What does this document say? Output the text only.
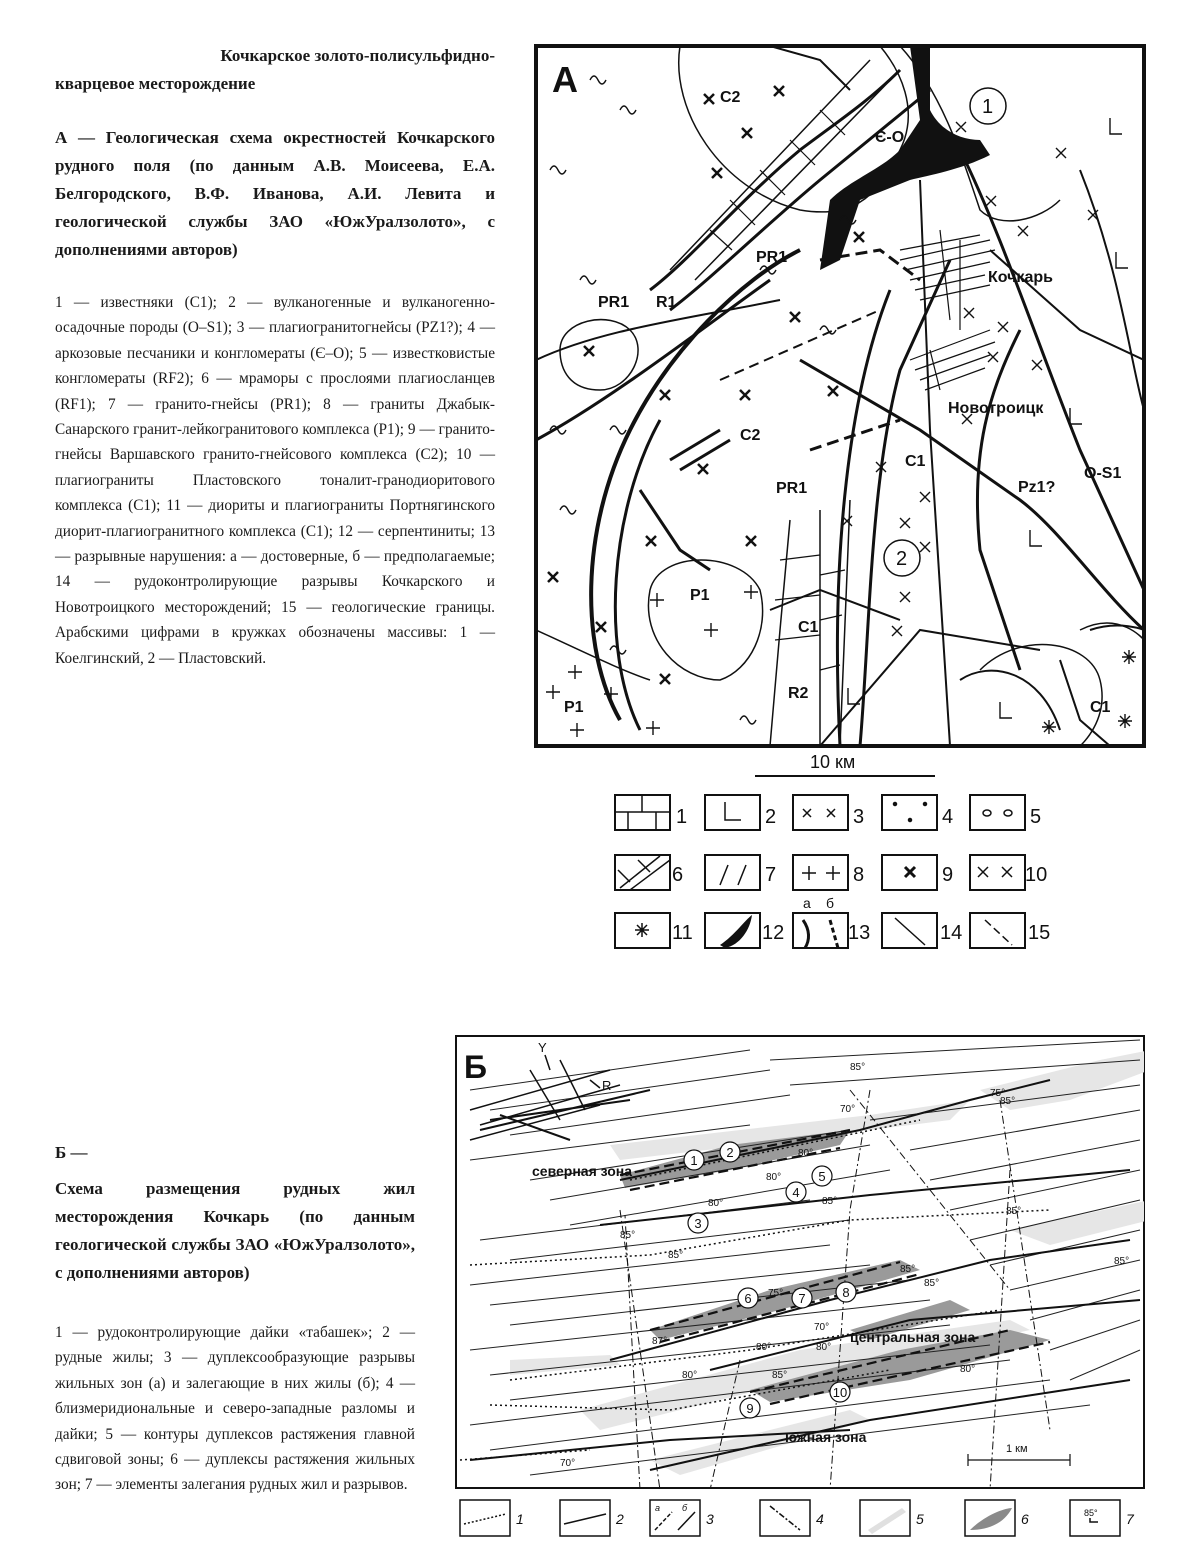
Кочкарское золото-полисульфидно-
кварцевое месторождение
А — Геологическая схема окрестностей Кочкарского рудного поля (по данным А.В. Моисеева, Е.А. Белгородского, В.Ф. Иванова, А.И. Левита и геологической службы ЗАО «ЮжУралзолото», с дополнениями авторов)
1 — известняки (C1); 2 — вулканогенные и вулканогенно-осадочные породы (O–S1); 3 — плагиогранитогнейсы (PZ1?); 4 — аркозовые песчаники и конгломераты (Є–O); 5 — известковистые конгломераты (RF2); 6 — мраморы с прослоями плагиосланцев (RF1); 7 — гранито-гнейсы (PR1); 8 — граниты Джабык-Санарского гранит-лейкогранитового комплекса (P1); 9 — гранито-гнейсы Варшавского гранито-гнейсового комплекса (C2); 10 — плагиограниты Пластовского тоналит-гранодиоритового комплекса (C1); 11 — диориты и плагиограниты Портнягинского диорит-плагиогранитного комплекса (C1); 12 — серпентиниты; 13 — разрывные нарушения: а — достоверные, б — предполагаемые; 14 — рудоконтролирующие разрывы Кочкарского и Новотроицкого месторождений; 15 — геологические границы. Арабскими цифрами в кружках обозначены массивы: 1 — Коелгинский, 2 — Пластовский.
Б —
Схема размещения рудных жил месторождения Кочкарь (по данным геологической службы ЗАО «ЮжУралзолото», с дополнениями авторов)
1 — рудоконтролирующие дайки «табашек»; 2 — рудные жилы; 3 — дуплексообразующие разрывы жильных зон (а) и залегающие в них жилы (б); 4 — близмеридиональные и северо-западные разломы и дайки; 5 — контуры дуплексов растяжения главной сдвиговой зоны; 6 — дуплексы растяжения жильных зон; 7 — элементы залегания рудных жил и разрывов.
А	C2
Є-O
PR1 R1
PR1
Кочкарь
Новотроицк
C2
C1
Pz1?
O-S1
PR1
P1
C1
R2
P1	C1
1
2
10 км
1	2	3	4	5
6	7	8	9	10
11	12	13	14	15
а б
Y
R
Б
северная зона
центральная зона
южная зона
1
2
3
4
5
6	7	8
9
10
85°
75°
70°
80°
80°
85°
80°
85°
85°
85°
85°
75°
85°
85°
87°
80°
70°
80°	80°
85°
80°
70°
85°
1 км
1	2	3	4	5	6	7
а б	85°
